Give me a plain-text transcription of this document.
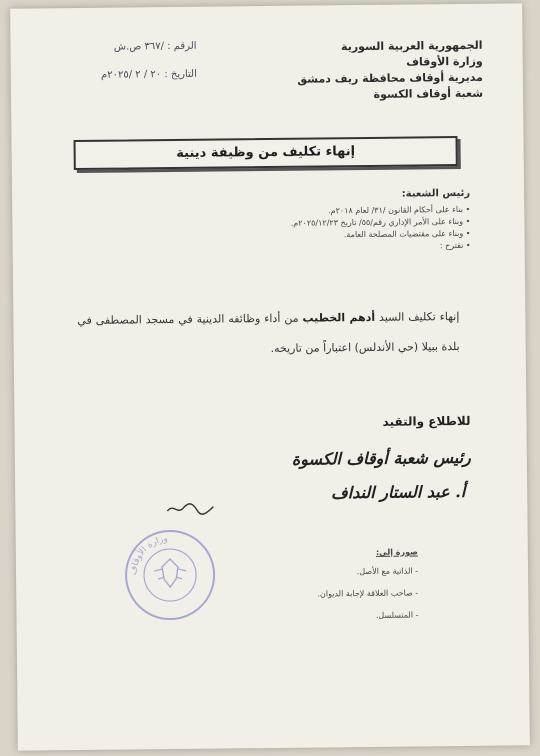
الجمهورية العربية السورية
وزارة الأوقاف
مديرية أوقاف محافظة ريف دمشق
شعبة أوقاف الكسوة
الرقم : /٣٦٧ ص.ش
التاريخ : ٢٠ / ٢ /٢٠٢٥م
إنهاء تكليف من وظيفة دينية
رئيس الشعبة:
• بناء على أحكام القانون /٣١/ لعام ٢٠١٨م.
• وبناء على الأمر الإداري رقم/٥٥/ تاريخ ٢٠٢٥/١٢/٢٣م.
• وبناء على مقتضيات المصلحة العامة.
• نقترح :
إنهاء تكليف السيد أدهم الخطيب من أداء وظائفه الدينية في مسجد المصطفى في بلدة ببيلا (حي الأندلس) اعتباراً من تاريخه.
للاطلاع والتقيد
رئيس شعبة أوقاف الكسوة
أ. عبد الستار النداف
وزارة الأوقاف
صورة إلى:
- الذاتية مع الأصل.
- صاحب العلاقة لإجابة الديوان.
- المتسلسل.
